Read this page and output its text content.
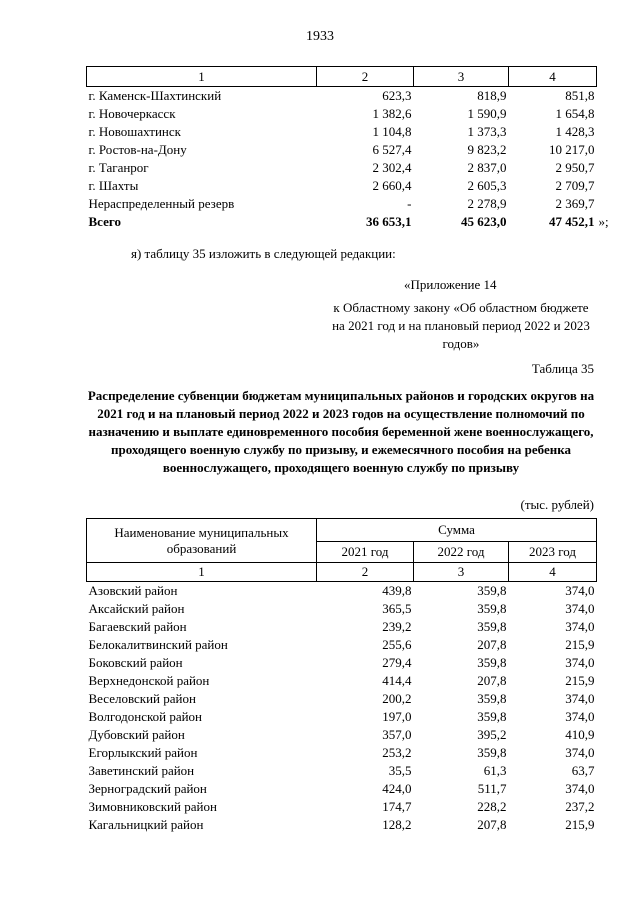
1933
1	2	3	4
г. Каменск-Шахтинский	623,3	818,9	851,8
г. Новочеркасск	1 382,6	1 590,9	1 654,8
г. Новошахтинск	1 104,8	1 373,3	1 428,3
г. Ростов-на-Дону	6 527,4	9 823,2	10 217,0
г. Таганрог	2 302,4	2 837,0	2 950,7
г. Шахты	2 660,4	2 605,3	2 709,7
Нераспределенный резерв	-	2 278,9	2 369,7
Всего	36 653,1	45 623,0	47 452,1 »;
я) таблицу 35 изложить в следующей редакции:
«Приложение 14
к Областному закону «Об областном бюджете на 2021 год и на плановый период 2022 и 2023 годов»
Таблица 35
Распределение субвенции бюджетам муниципальных районов и городских округов на 2021 год и на плановый период 2022 и 2023 годов на осуществление полномочий по назначению и выплате единовременного пособия беременной жене военнослужащего, проходящего военную службу по призыву, и ежемесячного пособия на ребенка военнослужащего, проходящего военную службу по призыву
(тыс. рублей)
Наименование муниципальных образований	Сумма		
	2021 год	2022 год	2023 год
1	2	3	4
Азовский район	439,8	359,8	374,0
Аксайский район	365,5	359,8	374,0
Багаевский район	239,2	359,8	374,0
Белокалитвинский район	255,6	207,8	215,9
Боковский район	279,4	359,8	374,0
Верхнедонской район	414,4	207,8	215,9
Веселовский район	200,2	359,8	374,0
Волгодонской район	197,0	359,8	374,0
Дубовский район	357,0	395,2	410,9
Егорлыкский район	253,2	359,8	374,0
Заветинский район	35,5	61,3	63,7
Зерноградский район	424,0	511,7	374,0
Зимовниковский район	174,7	228,2	237,2
Кагальницкий район	128,2	207,8	215,9
